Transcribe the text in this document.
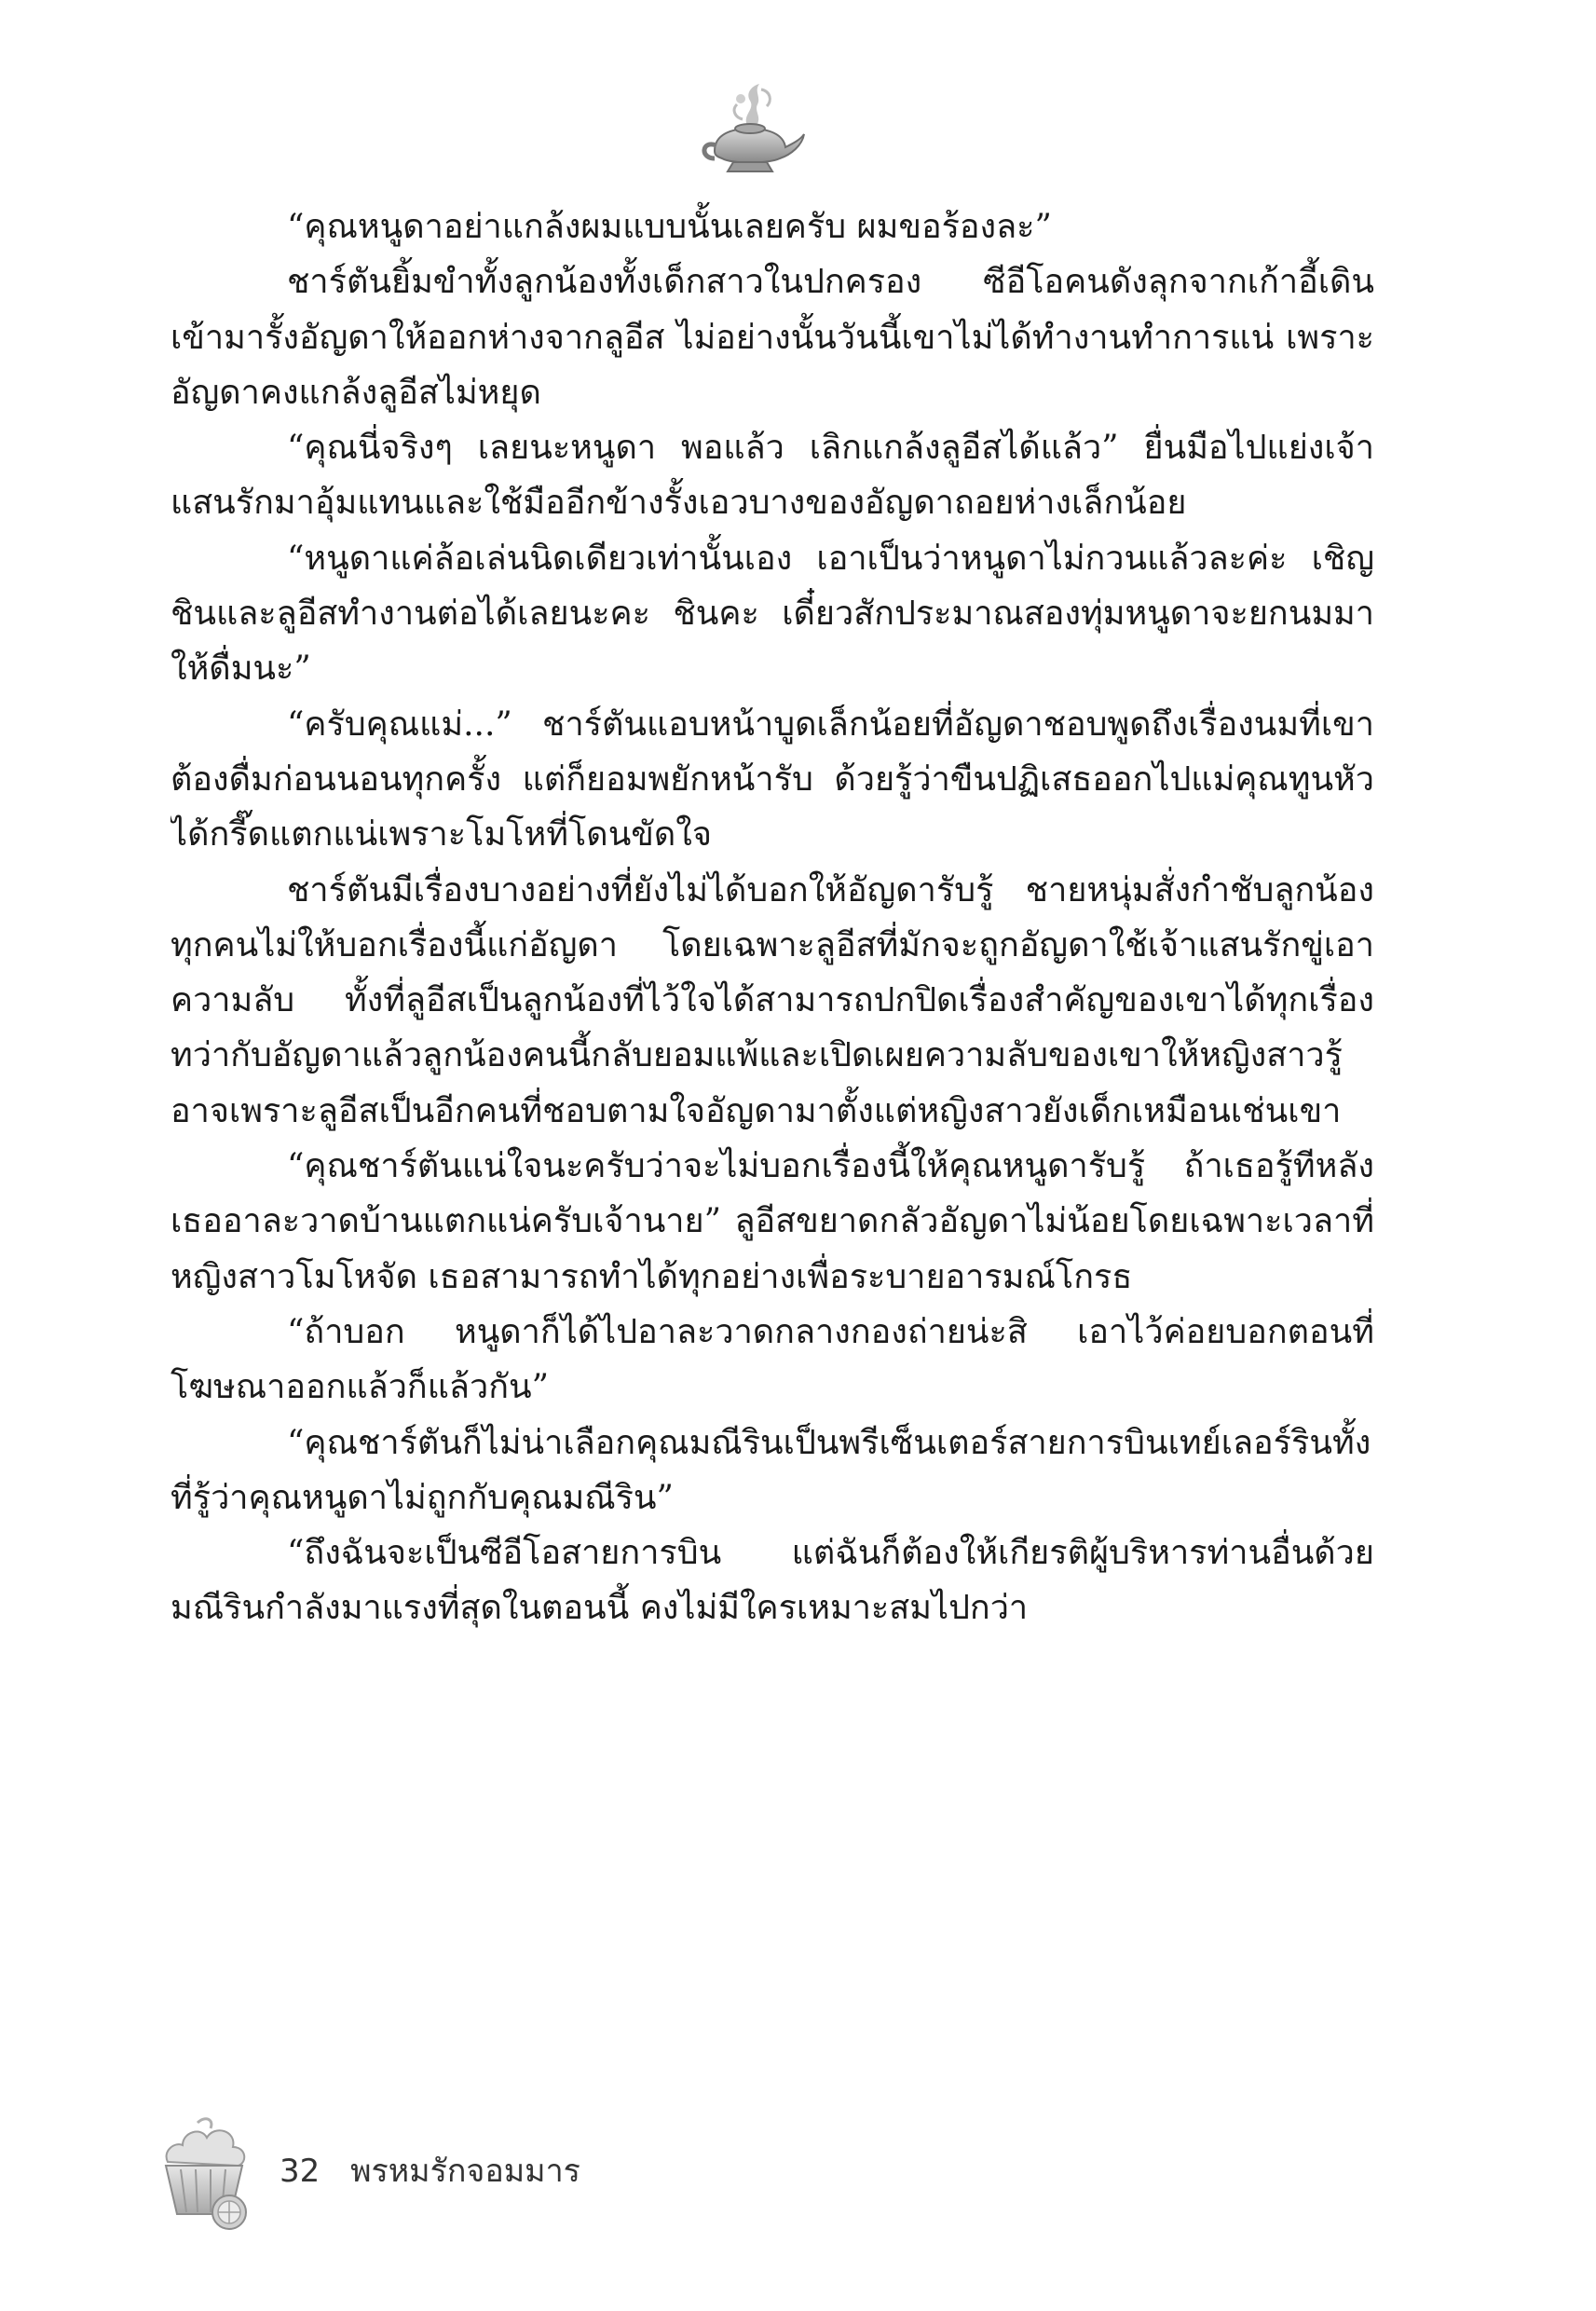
“คุณหนูดาอย่าแกล้งผมแบบนั้นเลยครับ ผมขอร้องละ”

ชาร์ตันยิ้มขำทั้งลูกน้องทั้งเด็กสาวในปกครอง ซีอีโอคนดังลุกจากเก้าอี้เดินเข้ามารั้งอัญดาให้ออกห่างจากลูอีส ไม่อย่างนั้นวันนี้เขาไม่ได้ทำงานทำการแน่ เพราะอัญดาคงแกล้งลูอีสไม่หยุด

“คุณนี่จริงๆ เลยนะหนูดา พอแล้ว เลิกแกล้งลูอีสได้แล้ว” ยื่นมือไปแย่งเจ้าแสนรักมาอุ้มแทนและใช้มืออีกข้างรั้งเอวบางของอัญดาถอยห่างเล็กน้อย

“หนูดาแค่ล้อเล่นนิดเดียวเท่านั้นเอง เอาเป็นว่าหนูดาไม่กวนแล้วละค่ะ เชิญชินและลูอีสทำงานต่อได้เลยนะคะ ชินคะ เดี๋ยวสักประมาณสองทุ่มหนูดาจะยกนมมาให้ดื่มนะ”

“ครับคุณแม่...” ชาร์ตันแอบหน้าบูดเล็กน้อยที่อัญดาชอบพูดถึงเรื่องนมที่เขาต้องดื่มก่อนนอนทุกครั้ง แต่ก็ยอมพยักหน้ารับ ด้วยรู้ว่าขืนปฏิเสธออกไปแม่คุณทูนหัวได้กรี๊ดแตกแน่เพราะโมโหที่โดนขัดใจ

ชาร์ตันมีเรื่องบางอย่างที่ยังไม่ได้บอกให้อัญดารับรู้ ชายหนุ่มสั่งกำชับลูกน้องทุกคนไม่ให้บอกเรื่องนี้แก่อัญดา โดยเฉพาะลูอีสที่มักจะถูกอัญดาใช้เจ้าแสนรักขู่เอาความลับ ทั้งที่ลูอีสเป็นลูกน้องที่ไว้ใจได้สามารถปกปิดเรื่องสำคัญของเขาได้ทุกเรื่อง ทว่ากับอัญดาแล้วลูกน้องคนนี้กลับยอมแพ้และเปิดเผยความลับของเขาให้หญิงสาวรู้ อาจเพราะลูอีสเป็นอีกคนที่ชอบตามใจอัญดามาตั้งแต่หญิงสาวยังเด็กเหมือนเช่นเขา

“คุณชาร์ตันแน่ใจนะครับว่าจะไม่บอกเรื่องนี้ให้คุณหนูดารับรู้ ถ้าเธอรู้ทีหลัง เธออาละวาดบ้านแตกแน่ครับเจ้านาย” ลูอีสขยาดกลัวอัญดาไม่น้อยโดยเฉพาะเวลาที่หญิงสาวโมโหจัด เธอสามารถทำได้ทุกอย่างเพื่อระบายอารมณ์โกรธ

“ถ้าบอก หนูดาก็ได้ไปอาละวาดกลางกองถ่ายน่ะสิ เอาไว้ค่อยบอกตอนที่โฆษณาออกแล้วก็แล้วกัน”

“คุณชาร์ตันก็ไม่น่าเลือกคุณมณีรินเป็นพรีเซ็นเตอร์สายการบินเทย์เลอร์รินทั้งที่รู้ว่าคุณหนูดาไม่ถูกกับคุณมณีริน”

“ถึงฉันจะเป็นซีอีโอสายการบิน แต่ฉันก็ต้องให้เกียรติผู้บริหารท่านอื่นด้วย มณีรินกำลังมาแรงที่สุดในตอนนี้ คงไม่มีใครเหมาะสมไปกว่า

32 พรหมรักจอมมาร
